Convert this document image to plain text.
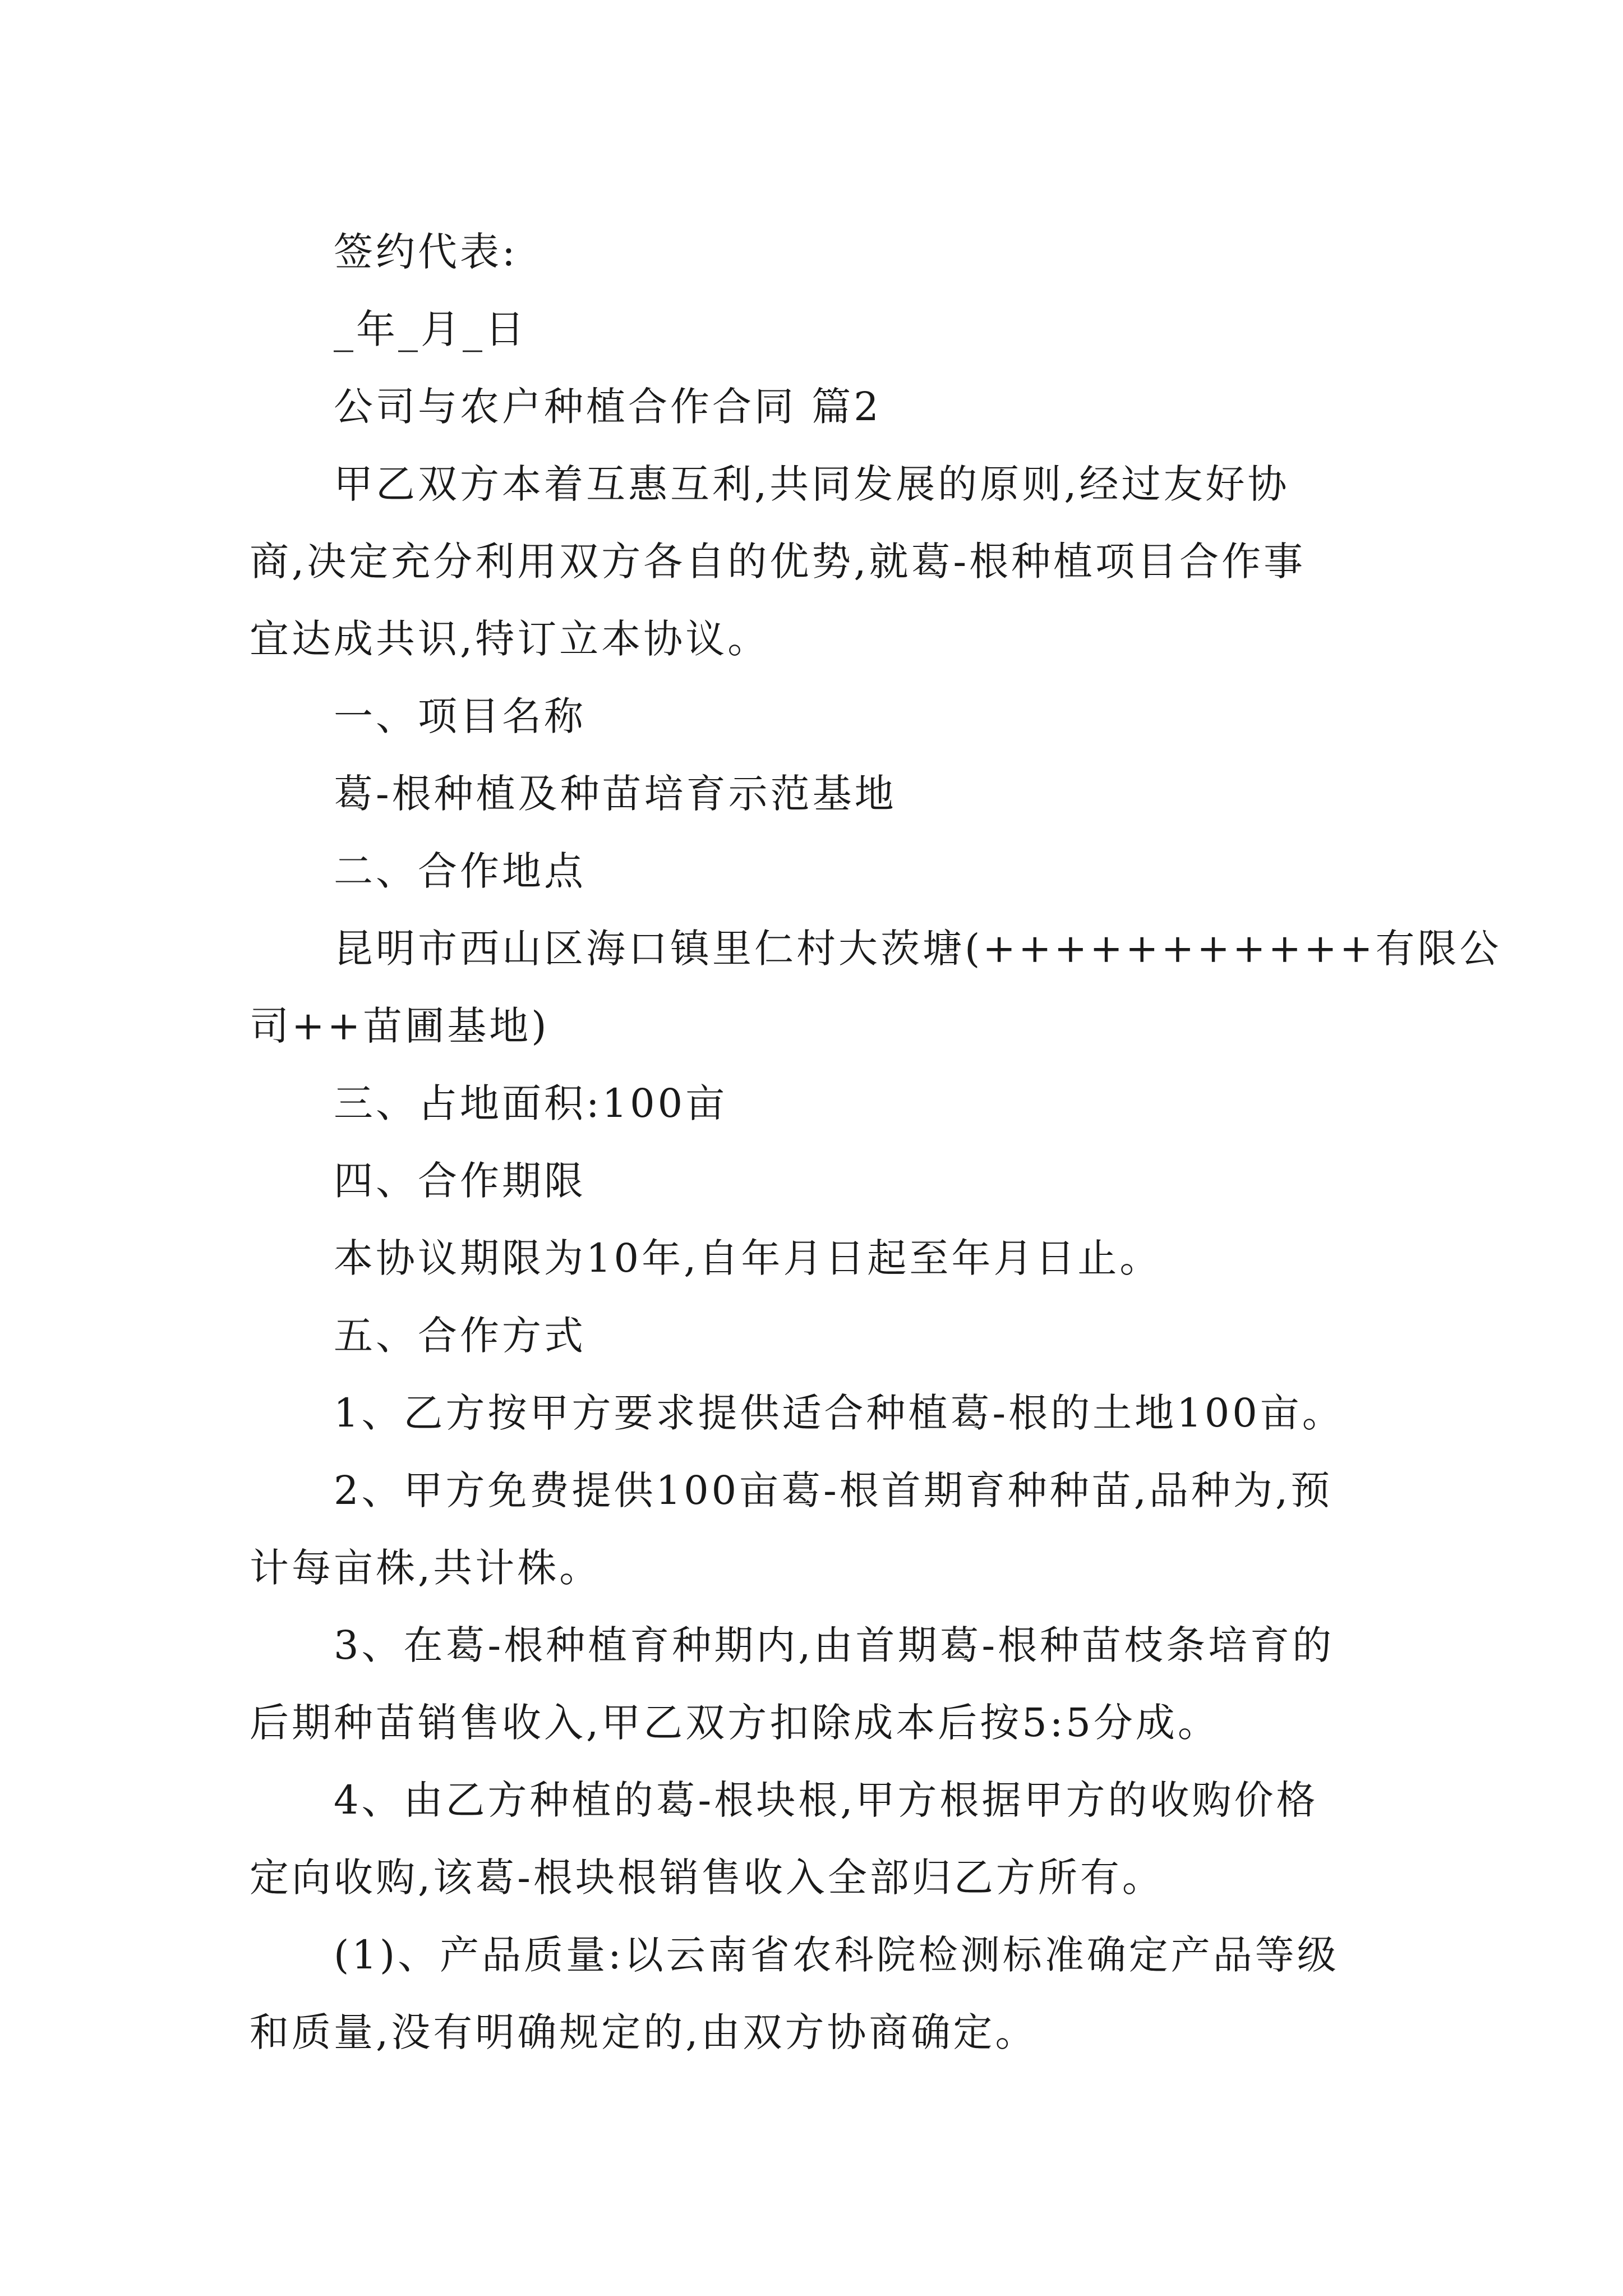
签约代表:
_年_月_日
公司与农户种植合作合同 篇2
甲乙双方本着互惠互利,共同发展的原则,经过友好协
商,决定充分利用双方各自的优势,就葛-根种植项目合作事
宜达成共识,特订立本协议。
一、项目名称
葛-根种植及种苗培育示范基地
二、合作地点
昆明市西山区海口镇里仁村大茨塘(+++++++++++有限公
司++苗圃基地)
三、占地面积:100亩
四、合作期限
本协议期限为10年,自年月日起至年月日止。
五、合作方式
1、乙方按甲方要求提供适合种植葛-根的土地100亩。
2、甲方免费提供100亩葛-根首期育种种苗,品种为,预
计每亩株,共计株。
3、在葛-根种植育种期内,由首期葛-根种苗枝条培育的
后期种苗销售收入,甲乙双方扣除成本后按5:5分成。
4、由乙方种植的葛-根块根,甲方根据甲方的收购价格
定向收购,该葛-根块根销售收入全部归乙方所有。
(1)、产品质量:以云南省农科院检测标准确定产品等级
和质量,没有明确规定的,由双方协商确定。
